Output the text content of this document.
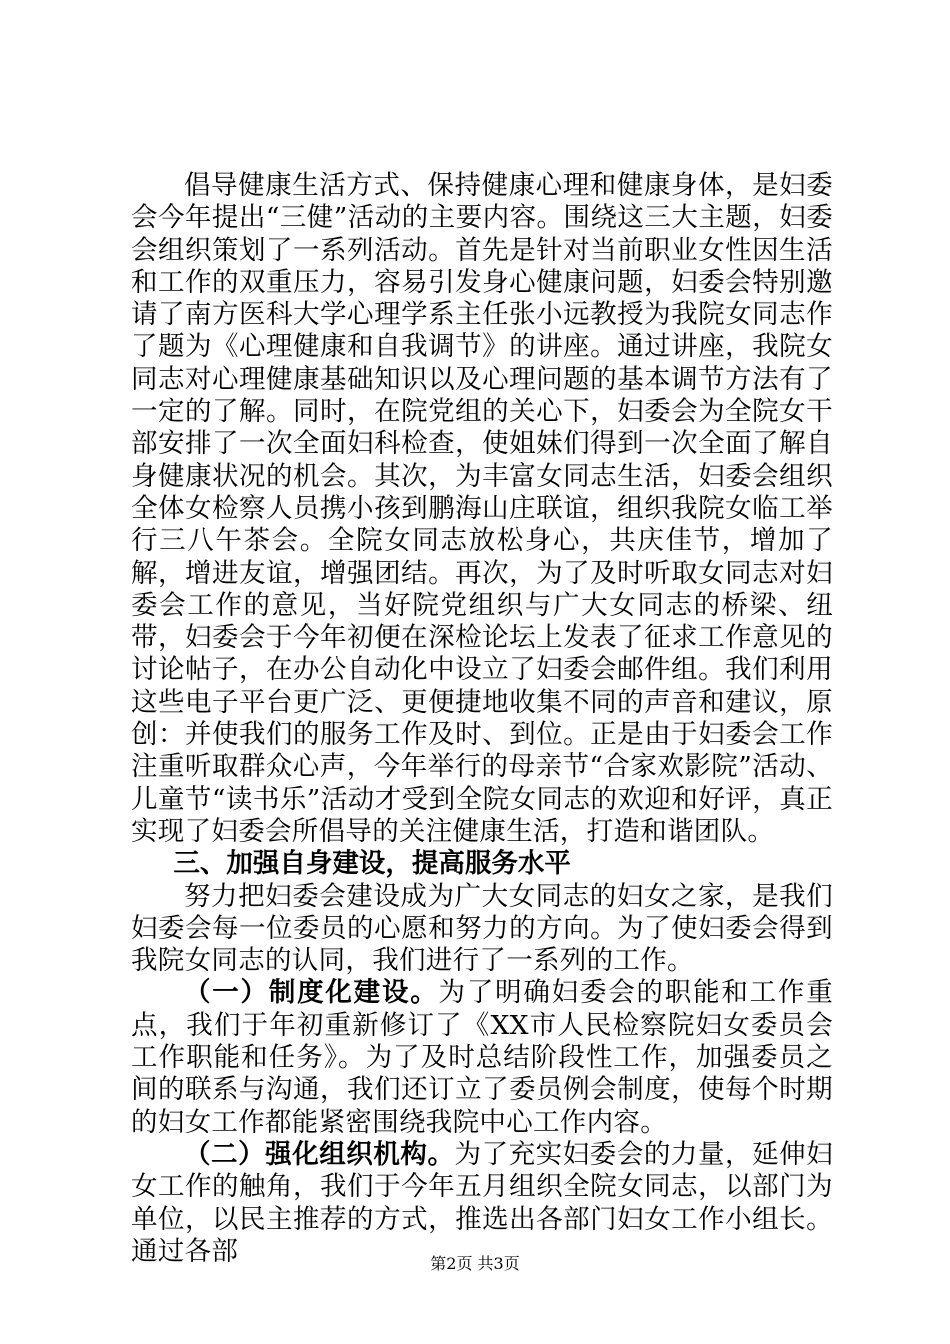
倡导健康生活方式、保持健康心理和健康身体，是妇委会今年提出“三健”活动的主要内容。围绕这三大主题，妇委会组织策划了一系列活动。首先是针对当前职业女性因生活和工作的双重压力，容易引发身心健康问题，妇委会特别邀请了南方医科大学心理学系主任张小远教授为我院女同志作了题为《心理健康和自我调节》的讲座。通过讲座，我院女同志对心理健康基础知识以及心理问题的基本调节方法有了一定的了解。同时，在院党组的关心下，妇委会为全院女干部安排了一次全面妇科检查，使姐妹们得到一次全面了解自身健康状况的机会。其次，为丰富女同志生活，妇委会组织全体女检察人员携小孩到鹏海山庄联谊，组织我院女临工举行三八午茶会。全院女同志放松身心，共庆佳节，增加了解，增进友谊，增强团结。再次，为了及时听取女同志对妇委会工作的意见，当好院党组织与广大女同志的桥梁、纽带，妇委会于今年初便在深检论坛上发表了征求工作意见的讨论帖子，在办公自动化中设立了妇委会邮件组。我们利用这些电子平台更广泛、更便捷地收集不同的声音和建议，原创：并使我们的服务工作及时、到位。正是由于妇委会工作注重听取群众心声，今年举行的母亲节“合家欢影院”活动、儿童节“读书乐”活动才受到全院女同志的欢迎和好评，真正实现了妇委会所倡导的关注健康生活，打造和谐团队。

三、加强自身建设，提高服务水平

努力把妇委会建设成为广大女同志的妇女之家，是我们妇委会每一位委员的心愿和努力的方向。为了使妇委会得到我院女同志的认同，我们进行了一系列的工作。

（一）制度化建设。为了明确妇委会的职能和工作重点，我们于年初重新修订了《XX市人民检察院妇女委员会工作职能和任务》。为了及时总结阶段性工作，加强委员之间的联系与沟通，我们还订立了委员例会制度，使每个时期的妇女工作都能紧密围绕我院中心工作内容。

（二）强化组织机构。为了充实妇委会的力量，延伸妇女工作的触角，我们于今年五月组织全院女同志，以部门为单位，以民主推荐的方式，推选出各部门妇女工作小组长。通过各部	第2页 共3页
